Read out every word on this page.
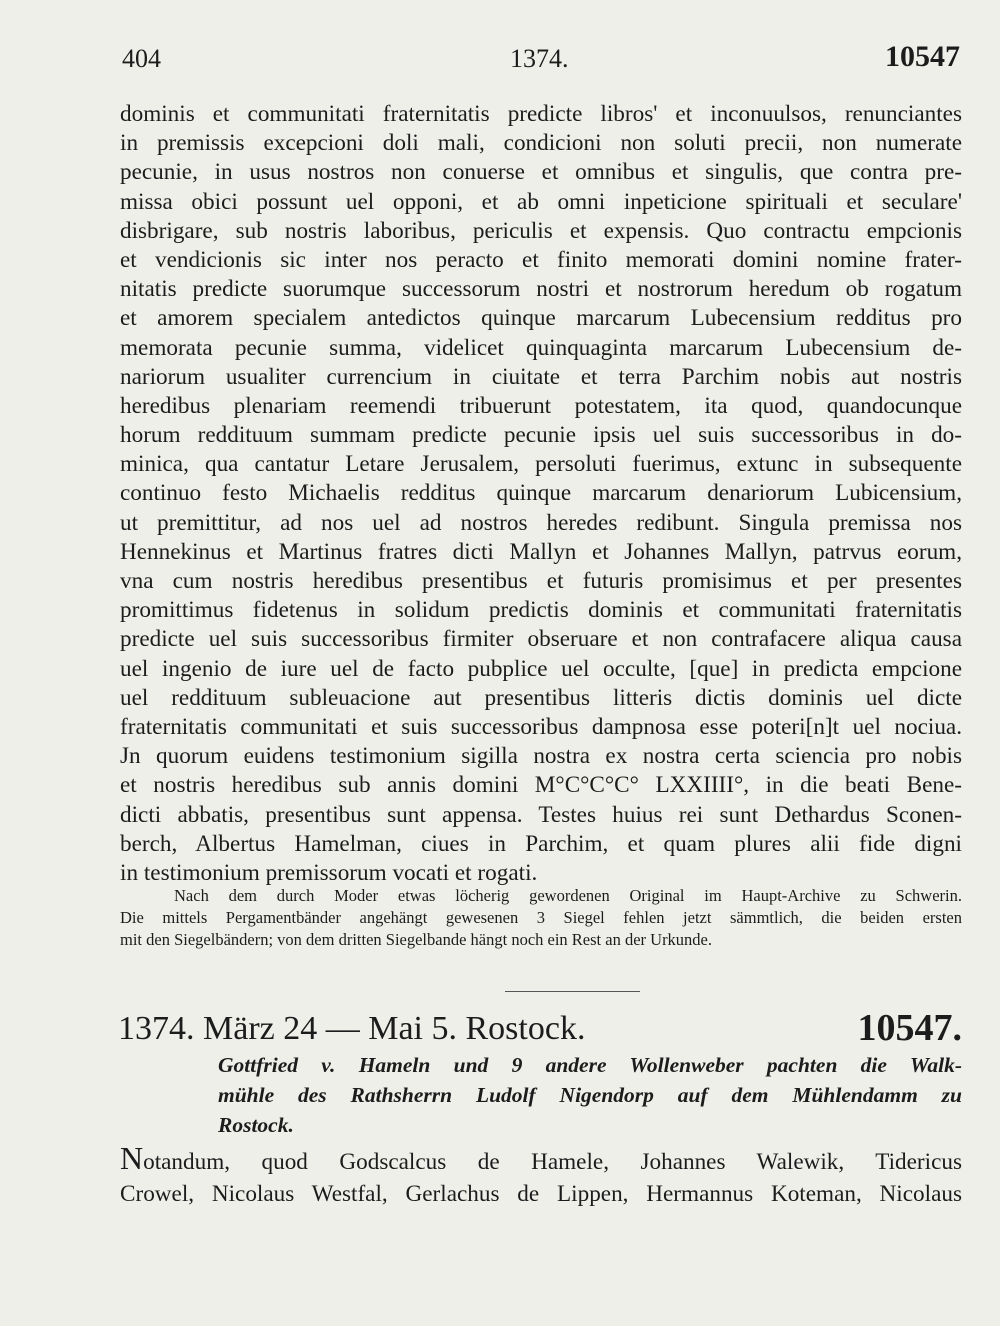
404	1374.	10547
dominis et communitati fraternitatis predicte libros' et inconuulsos, renunciantes
in premissis excepcioni doli mali, condicioni non soluti precii, non numerate
pecunie, in usus nostros non conuerse et omnibus et singulis, que contra pre-
missa obici possunt uel opponi, et ab omni inpeticione spirituali et seculare'
disbrigare, sub nostris laboribus, periculis et expensis. Quo contractu empcionis
et vendicionis sic inter nos peracto et finito memorati domini nomine frater-
nitatis predicte suorumque successorum nostri et nostrorum heredum ob rogatum
et amorem specialem antedictos quinque marcarum Lubecensium redditus pro
memorata pecunie summa, videlicet quinquaginta marcarum Lubecensium de-
nariorum usualiter currencium in ciuitate et terra Parchim nobis aut nostris
heredibus plenariam reemendi tribuerunt potestatem, ita quod, quandocunque
horum reddituum summam predicte pecunie ipsis uel suis successoribus in do-
minica, qua cantatur Letare Jerusalem, persoluti fuerimus, extunc in subsequente
continuo festo Michaelis redditus quinque marcarum denariorum Lubicensium,
ut premittitur, ad nos uel ad nostros heredes redibunt. Singula premissa nos
Hennekinus et Martinus fratres dicti Mallyn et Johannes Mallyn, patrvus eorum,
vna cum nostris heredibus presentibus et futuris promisimus et per presentes
promittimus fidetenus in solidum predictis dominis et communitati fraternitatis
predicte uel suis successoribus firmiter obseruare et non contrafacere aliqua causa
uel ingenio de iure uel de facto pubplice uel occulte, [que] in predicta empcione
uel reddituum subleuacione aut presentibus litteris dictis dominis uel dicte
fraternitatis communitati et suis successoribus dampnosa esse poteri[n]t uel nociua.
Jn quorum euidens testimonium sigilla nostra ex nostra certa sciencia pro nobis
et nostris heredibus sub annis domini M°C°C°C° LXXIIII°, in die beati Bene-
dicti abbatis, presentibus sunt appensa. Testes huius rei sunt Dethardus Sconen-
berch, Albertus Hamelman, ciues in Parchim, et quam plures alii fide digni
in testimonium premissorum vocati et rogati.
Nach dem durch Moder etwas löcherig gewordenen Original im Haupt-Archive zu Schwerin.
Die mittels Pergamentbänder angehängt gewesenen 3 Siegel fehlen jetzt sämmtlich, die beiden ersten
mit den Siegelbändern; von dem dritten Siegelbande hängt noch ein Rest an der Urkunde.
1374. März 24 — Mai 5. Rostock.	10547.
Gottfried v. Hameln und 9 andere Wollenweber pachten die Walk-
mühle des Rathsherrn Ludolf Nigendorp auf dem Mühlendamm zu
Rostock.
Notandum, quod Godscalcus de Hamele, Johannes Walewik, Tidericus
Crowel, Nicolaus Westfal, Gerlachus de Lippen, Hermannus Koteman, Nicolaus
